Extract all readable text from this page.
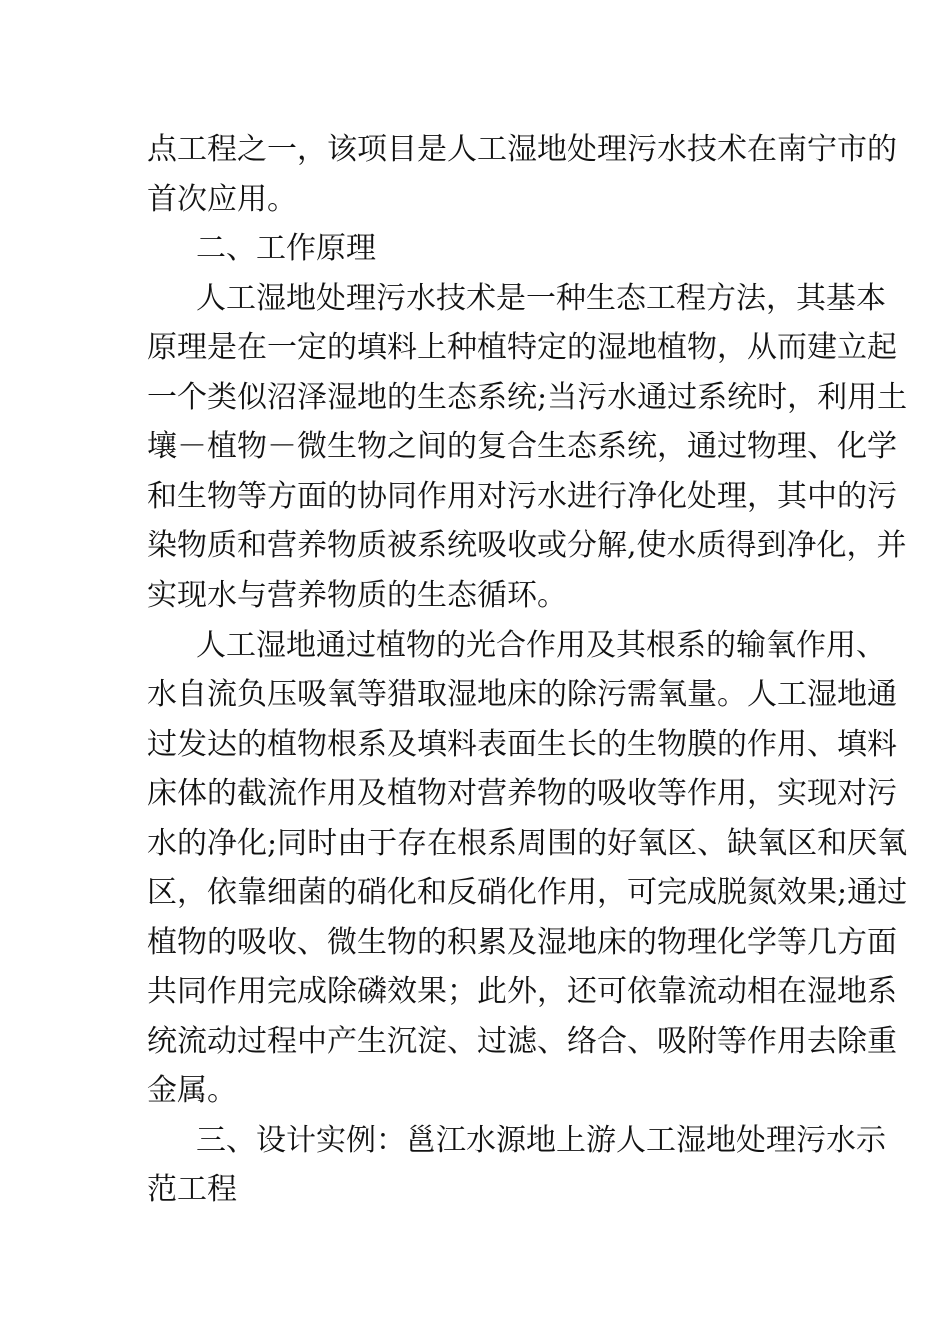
点工程之一，该项目是人工湿地处理污水技术在南宁市的

首次应用。

二、工作原理

人工湿地处理污水技术是一种生态工程方法，其基本

原理是在一定的填料上种植特定的湿地植物，从而建立起

一个类似沼泽湿地的生态系统;当污水通过系统时，利用土

壤－植物－微生物之间的复合生态系统，通过物理、化学

和生物等方面的协同作用对污水进行净化处理，其中的污

染物质和营养物质被系统吸收或分解,使水质得到净化，并

实现水与营养物质的生态循环。

人工湿地通过植物的光合作用及其根系的输氧作用、

水自流负压吸氧等猎取湿地床的除污需氧量。人工湿地通

过发达的植物根系及填料表面生长的生物膜的作用、填料

床体的截流作用及植物对营养物的吸收等作用，实现对污

水的净化;同时由于存在根系周围的好氧区、缺氧区和厌氧

区，依靠细菌的硝化和反硝化作用，可完成脱氮效果;通过

植物的吸收、微生物的积累及湿地床的物理化学等几方面

共同作用完成除磷效果；此外，还可依靠流动相在湿地系

统流动过程中产生沉淀、过滤、络合、吸附等作用去除重

金属。

三、设计实例：邕江水源地上游人工湿地处理污水示

范工程
